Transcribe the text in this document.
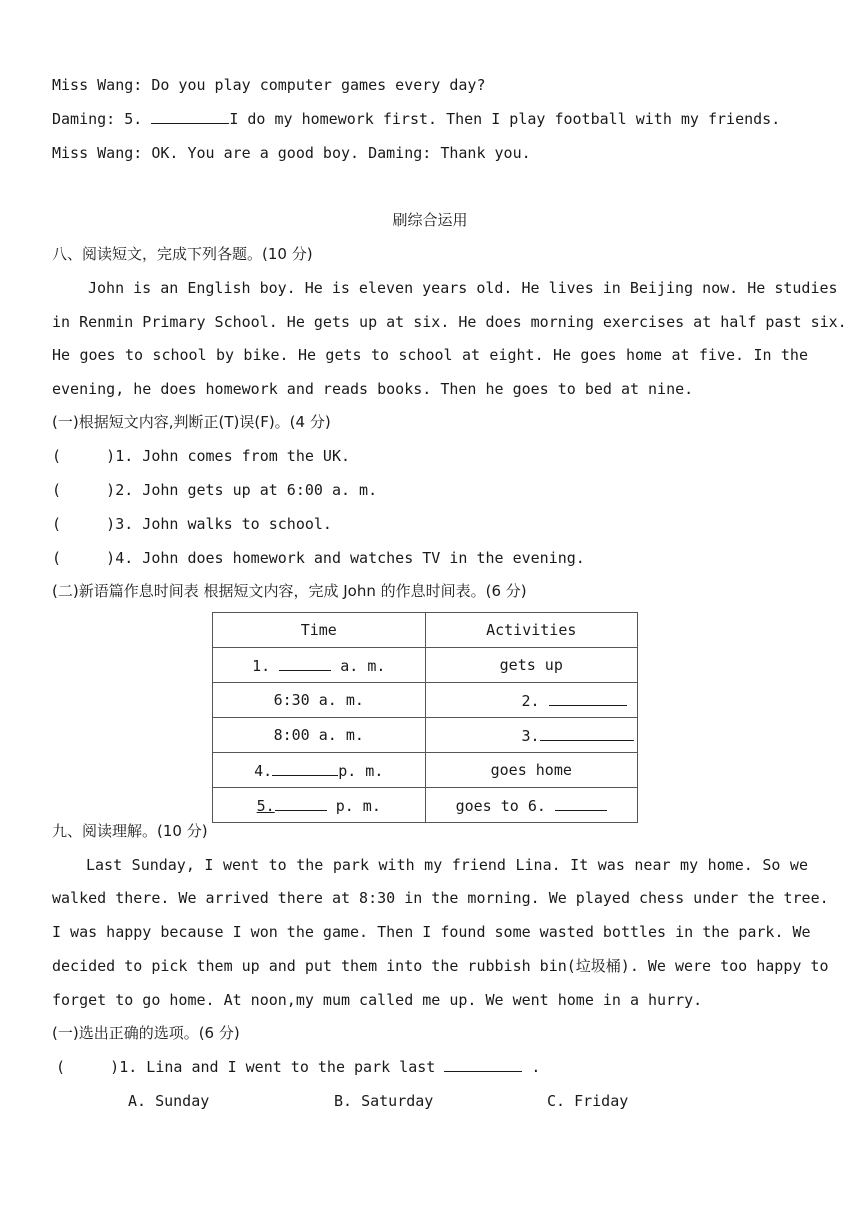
Miss Wang: Do you play computer games every day?
Daming: 5.	I do my homework first. Then I play football with my friends.
Miss Wang: OK. You are a good boy. Daming: Thank you.
刷综合运用
八、阅读短文，完成下列各题。(10 分)
John is an English boy. He is eleven years old. He lives in Beijing now. He studies
in Renmin Primary School. He gets up at six. He does morning exercises at half past six.
He goes to school by bike. He gets to school at eight. He goes home at five. In the
evening, he does homework and reads books. Then he goes to bed at nine.
(一)根据短文内容,判断正(T)误(F)。(4 分)
(     )1. John comes from the UK.
(     )2. John gets up at 6:00 a. m.
(     )3. John walks to school.
(     )4. John does homework and watches TV in the evening.
(二)新语篇作息时间表 根据短文内容，完成 John 的作息时间表。(6 分)
Time	Activities
1. a. m.	gets up
6:30 a. m.	2.
8:00 a. m.	3.
4. p. m.	goes home
5. p. m.	goes to 6.
九、阅读理解。(10 分)
Last Sunday, I went to the park with my friend Lina. It was near my home. So we
walked there. We arrived there at 8:30 in the morning. We played chess under the tree.
I was happy because I won the game. Then I found some wasted bottles in the park. We
decided to pick them up and put them into the rubbish bin(垃圾桶). We were too happy to
forget to go home. At noon,my mum called me up. We went home in a hurry.
(一)选出正确的选项。(6 分)
(     )1. Lina and I went to the park last	.
A. Sunday	B. Saturday	C. Friday
